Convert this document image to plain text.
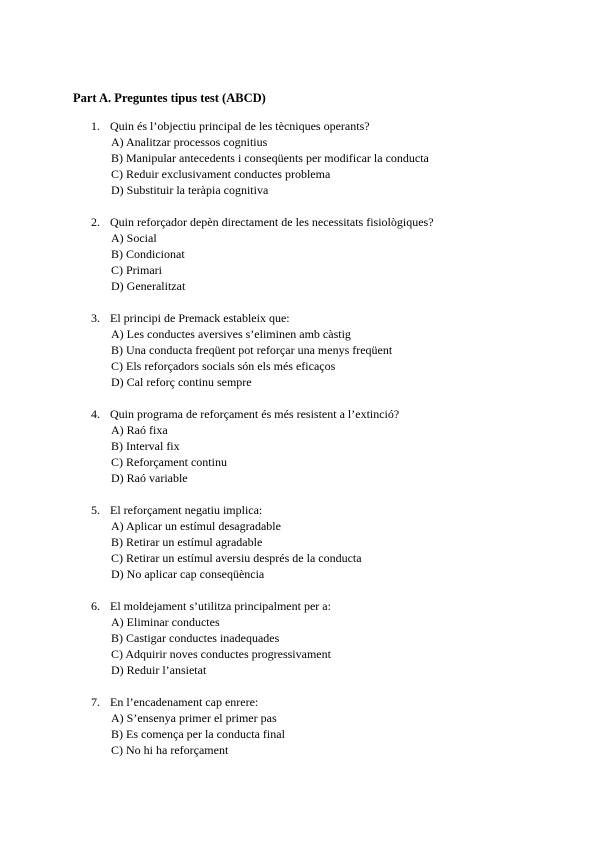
Part A. Preguntes tipus test (ABCD)
1. Quin és l’objectiu principal de les tècniques operants?
A) Analitzar processos cognitius
B) Manipular antecedents i conseqüents per modificar la conducta
C) Reduir exclusivament conductes problema
D) Substituir la teràpia cognitiva
2. Quin reforçador depèn directament de les necessitats fisiològiques?
A) Social
B) Condicionat
C) Primari
D) Generalitzat
3. El principi de Premack estableix que:
A) Les conductes aversives s’eliminen amb càstig
B) Una conducta freqüent pot reforçar una menys freqüent
C) Els reforçadors socials són els més eficaços
D) Cal reforç continu sempre
4. Quin programa de reforçament és més resistent a l’extinció?
A) Raó fixa
B) Interval fix
C) Reforçament continu
D) Raó variable
5. El reforçament negatiu implica:
A) Aplicar un estímul desagradable
B) Retirar un estímul agradable
C) Retirar un estímul aversiu després de la conducta
D) No aplicar cap conseqüència
6. El moldejament s’utilitza principalment per a:
A) Eliminar conductes
B) Castigar conductes inadequades
C) Adquirir noves conductes progressivament
D) Reduir l’ansietat
7. En l’encadenament cap enrere:
A) S’ensenya primer el primer pas
B) Es comença per la conducta final
C) No hi ha reforçament
